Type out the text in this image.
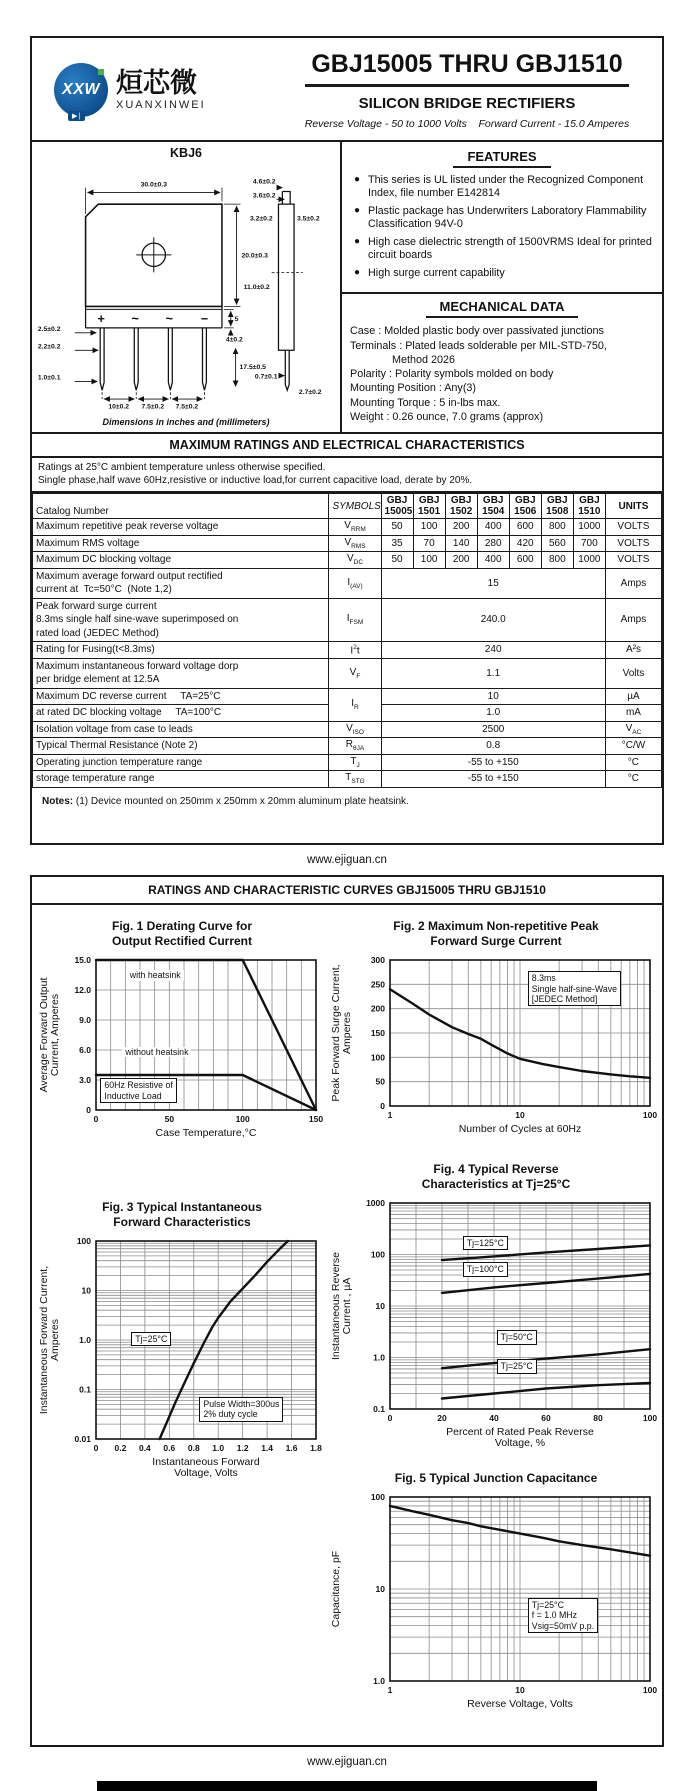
XXW
▶|
烜芯微
XUANXINWEI
GBJ15005 THRU GBJ1510
SILICON BRIDGE RECTIFIERS
Reverse Voltage - 50 to 1000 Volts    Forward Current - 15.0 Amperes
KBJ6
30.0±0.3
20.0±0.3
5
4±0.2
17.5±0.5
2.5±0.2
2.2±0.2
1.0±0.1
10±0.2 7.5±0.2 7.5±0.2
4.6±0.2
3.6±0.2
3.2±0.2	3.5±0.2
11.0±0.2
0.7±0.1
2.7±0.2
+ ~ ~ −
Dimensions in inches and (millimeters)
FEATURES
● This series is UL listed under the Recognized Component Index, file number E142814
● Plastic package has Underwriters Laboratory Flammability Classification 94V-0
● High case dielectric strength of 1500VRMS Ideal for printed circuit boards
● High surge current capability
MECHANICAL DATA
Case : Molded plastic body over passivated junctions
Terminals : Plated leads solderable per MIL-STD-750,
Method 2026
Polarity : Polarity symbols molded on body
Mounting Position : Any(3)
Mounting Torque : 5 in-lbs max.
Weight : 0.26 ounce, 7.0 grams (approx)
MAXIMUM RATINGS AND ELECTRICAL CHARACTERISTICS
Ratings at 25°C ambient temperature unless otherwise specified.
Single phase,half wave 60Hz,resistive or inductive load,for current capacitive load, derate by 20%.
Catalog Number	SYMBOLS	GBJ
15005

GBJ
1501

GBJ
1502

GBJ
1504

GBJ
1506

GBJ
1508

GBJ
1510	UNITS

Maximum repetitive peak reverse voltage	$V_{RRM}$	50	100	200	400	600	800	1000	VOLTS

Maximum RMS voltage	$V_{RMS}$	35	70	140	280	420	560	700	VOLTS

Maximum DC blocking voltage	$V_{DC}$	50	100	200	400	600	800	1000	VOLTS

Maximum average forward output rectified
current at  Tc=50°C  (Note 1,2)	$I_{(AV)}$	15							Amps

Peak forward surge current
8.3ms single half sine-wave superimposed on
rated load (JEDEC Method)	$I_{FSM}$	240.0							Amps

Rating for Fusing(t<8.3ms)	$I^2t$	240							A²s

Maximum instantaneous forward voltage dorp
per bridge element at 12.5A	$V_F$	1.1							Volts

Maximum DC reverse current     TA=25°C	$I_R$	10							µA

at rated DC blocking voltage     TA=100°C		1.0							mA

Isolation voltage from case to leads	$V_{ISO}$	2500							$V_{AC}$

Typical Thermal Resistance (Note 2)	$R_{\theta JA}$	0.8							°C/W

Operating junction temperature range	$T_J$	-55 to +150							°C

storage temperature range	$T_{STG}$	-55 to +150							°C
Notes: (1) Device mounted on 250mm x 250mm x 20mm aluminum plate heatsink.
www.ejiguan.cn
RATINGS AND CHARACTERISTIC CURVES GBJ15005 THRU GBJ1510
Fig. 1 Derating Curve for
Output Rectified Current
0	50	100	150
15.0
12.0
9.0
6.0
3.0
0
Case Temperature,°C
Average Forward Output Current, Amperes
with heatsink
without heatsink
60Hz Resistive of
Inductive Load
Fig. 3 Typical Instantaneous
Forward Characteristics
0 0.2 0.4 0.6 0.8 1.0 1.2 1.4 1.6 1.8
100
10
1.0
0.1
0.01
Instantaneous Forward
Voltage, Volts
Instantaneous Forward Current, Amperes	Tj=25°C
Pulse Width=300us
2% duty cycle
Fig. 2 Maximum Non-repetitive Peak
Forward Surge Current
1	10	100
300
250
200
150
100
50
0
Number of Cycles at 60Hz
Peak Forward Surge Current, Amperes
8.3ms
Single half-sine-Wave
[JEDEC Method]
Fig. 4 Typical Reverse
Characteristics at Tj=25°C
0	20	40	60	80	100
1000
100
10
1.0
0.1
Percent of Rated Peak Reverse
Voltage, %
Instantaneous Reverse Current , µA
Tj=125°C
Tj=100°C
Tj=50°C
Tj=25°C
Fig. 5 Typical Junction Capacitance
1	10	100
100
10
1.0
Reverse Voltage, Volts
Capacitance, pF	Tj=25°C
f = 1.0 MHz
Vsig=50mV p.p.
www.ejiguan.cn
